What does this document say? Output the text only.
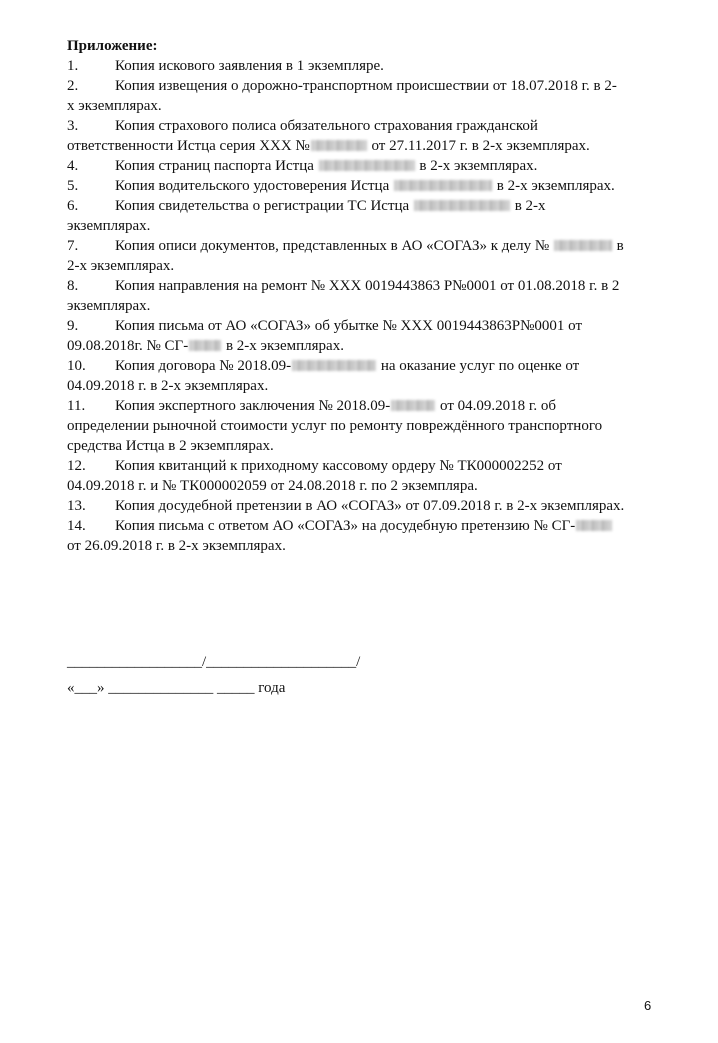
Приложение:
1. Копия искового заявления в 1 экземпляре.
2. Копия извещения о дорожно-транспортном происшествии от 18.07.2018 г. в 2-
х экземплярах.
3. Копия страхового полиса обязательного страхования гражданской
ответственности Истца серия ХХХ №	от 27.11.2017 г. в 2-х экземплярах.
4. Копия страниц паспорта Истца	в 2-х экземплярах.
5. Копия водительского удостоверения Истца	в 2-х экземплярах.
6. Копия свидетельства о регистрации ТС Истца	в 2-х
экземплярах.
7. Копия описи документов, представленных в АО «СОГАЗ» к делу №	в
2-х экземплярах.
8. Копия направления на ремонт № ХХХ 0019443863 Р№0001 от 01.08.2018 г. в 2
экземплярах.
9. Копия письма от АО «СОГАЗ» об убытке № ХХХ 0019443863Р№0001 от
09.08.2018г. № СГ- в 2-х экземплярах.
10. Копия договора № 2018.09-	на оказание услуг по оценке от
04.09.2018 г. в 2-х экземплярах.
11. Копия экспертного заключения № 2018.09-	от 04.09.2018 г. об
определении рыночной стоимости услуг по ремонту повреждённого транспортного
средства Истца в 2 экземплярах.
12. Копия квитанций к приходному кассовому ордеру № ТК000002252 от
04.09.2018 г. и № ТК000002059 от 24.08.2018 г. по 2 экземпляра.
13. Копия досудебной претензии в АО «СОГАЗ» от 07.09.2018 г. в 2-х экземплярах.
14. Копия письма с ответом АО «СОГАЗ» на досудебную претензию № СГ-
от 26.09.2018 г. в 2-х экземплярах.
__________________/____________________/
«___» ______________ _____ года
6
